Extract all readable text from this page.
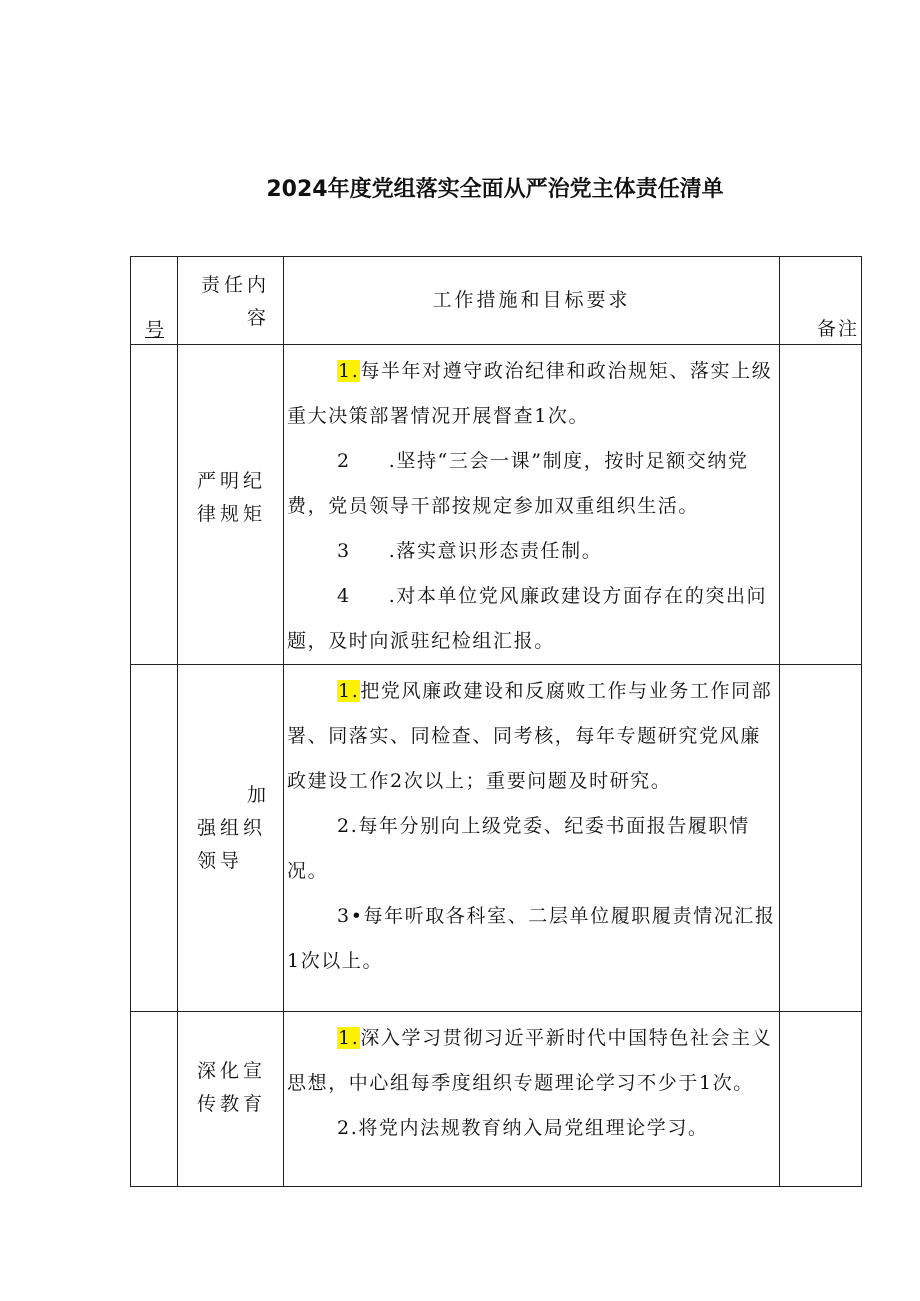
2024年度党组落实全面从严治党主体责任清单
号	责任内容	工作措施和目标要求	备注

	严明纪律规矩	1.每半年对遵守政治纪律和政治规矩、落实上级重大决策部署情况开展督查1次。

2 .坚持“三会一课”制度，按时足额交纳党费，党员领导干部按规定参加双重组织生活。

3 .落实意识形态责任制。

4 .对本单位党风廉政建设方面存在的突出问题，及时向派驻纪检组汇报。	

	加强组织领导	1.把党风廉政建设和反腐败工作与业务工作同部署、同落实、同检查、同考核，每年专题研究党风廉政建设工作2次以上；重要问题及时研究。

2.每年分别向上级党委、纪委书面报告履职情况。

3•每年听取各科室、二层单位履职履责情况汇报1次以上。	

	深化宣传教育	1.深入学习贯彻习近平新时代中国特色社会主义思想，中心组每季度组织专题理论学习不少于1次。

2.将党内法规教育纳入局党组理论学习。	
